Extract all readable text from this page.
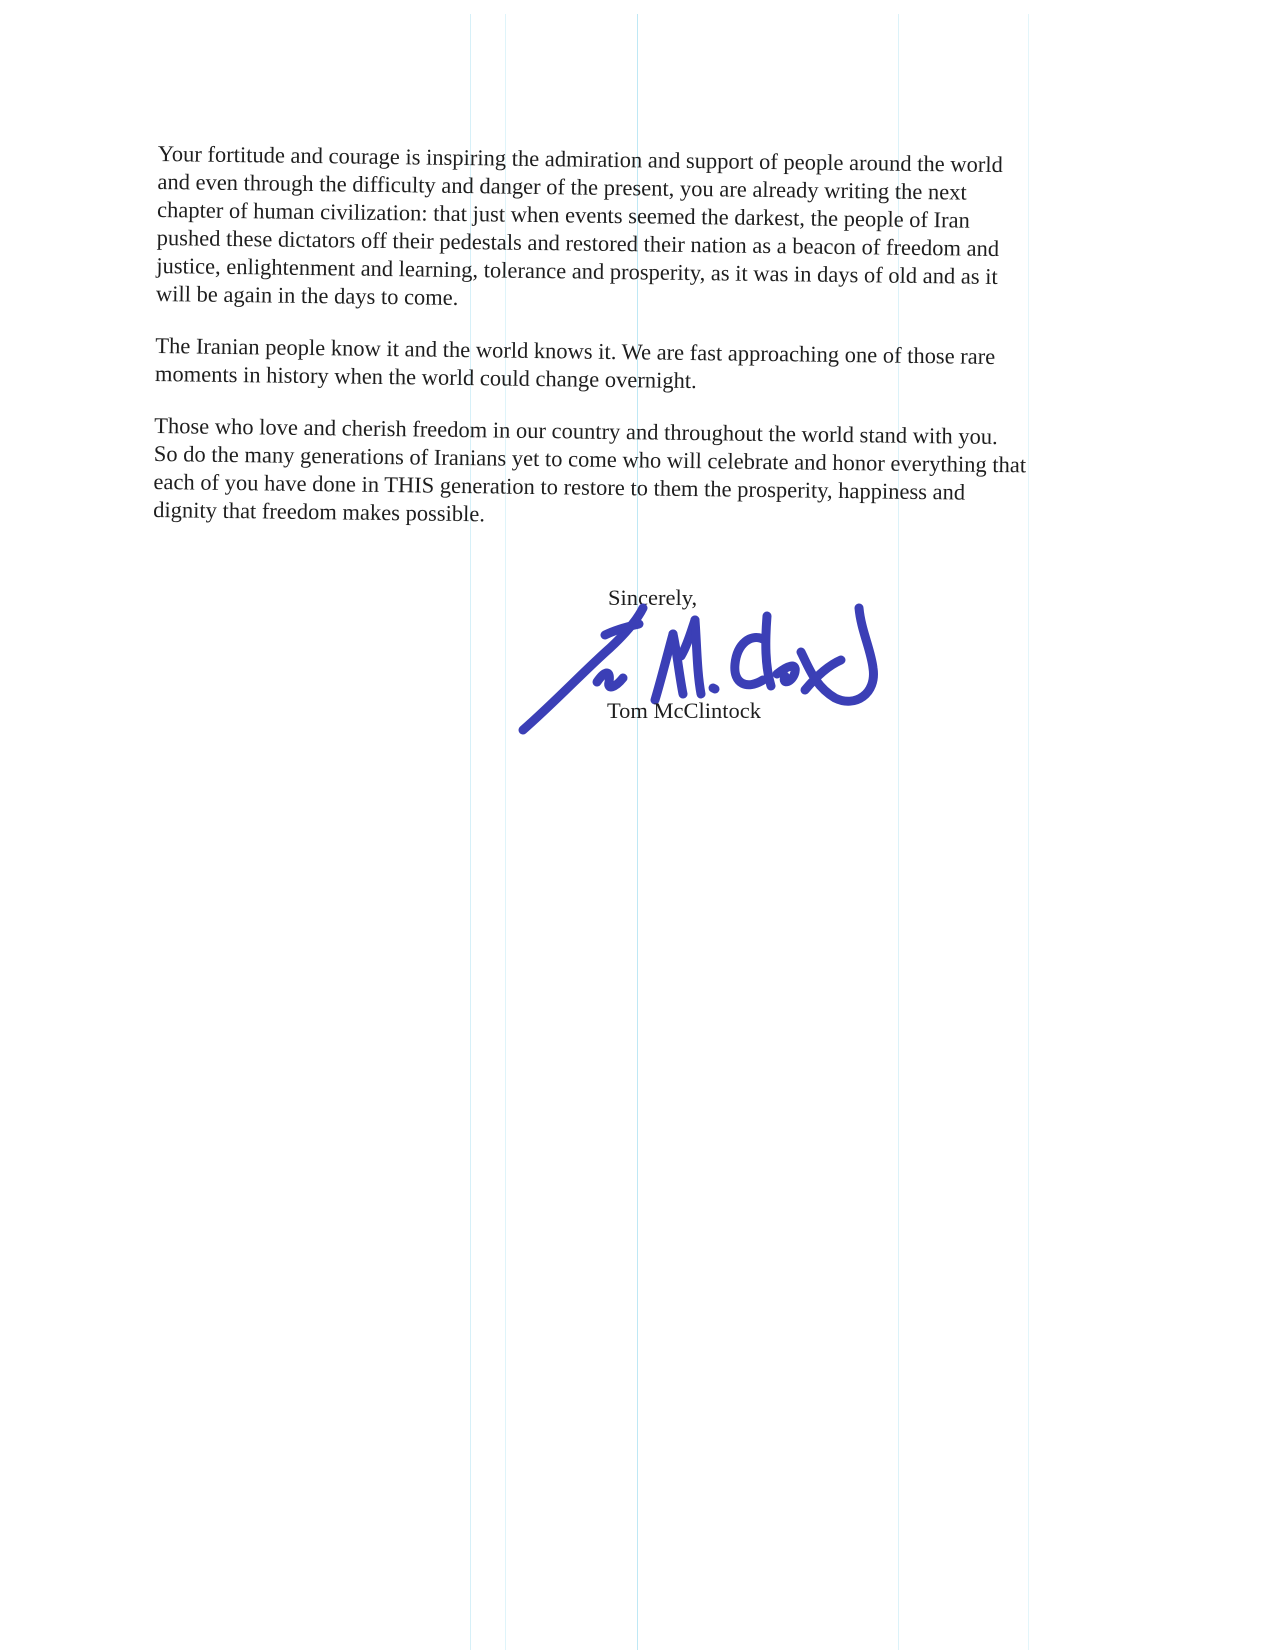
Your fortitude and courage is inspiring the admiration and support of people around the world
and even through the difficulty and danger of the present, you are already writing the next
chapter of human civilization: that just when events seemed the darkest, the people of Iran
pushed these dictators off their pedestals and restored their nation as a beacon of freedom and
justice, enlightenment and learning, tolerance and prosperity, as it was in days of old and as it
will be again in the days to come.

The Iranian people know it and the world knows it. We are fast approaching one of those rare
moments in history when the world could change overnight.

Those who love and cherish freedom in our country and throughout the world stand with you.
So do the many generations of Iranians yet to come who will celebrate and honor everything that
each of you have done in THIS generation to restore to them the prosperity, happiness and
dignity that freedom makes possible.

Sincerely,
Tom McClintock
